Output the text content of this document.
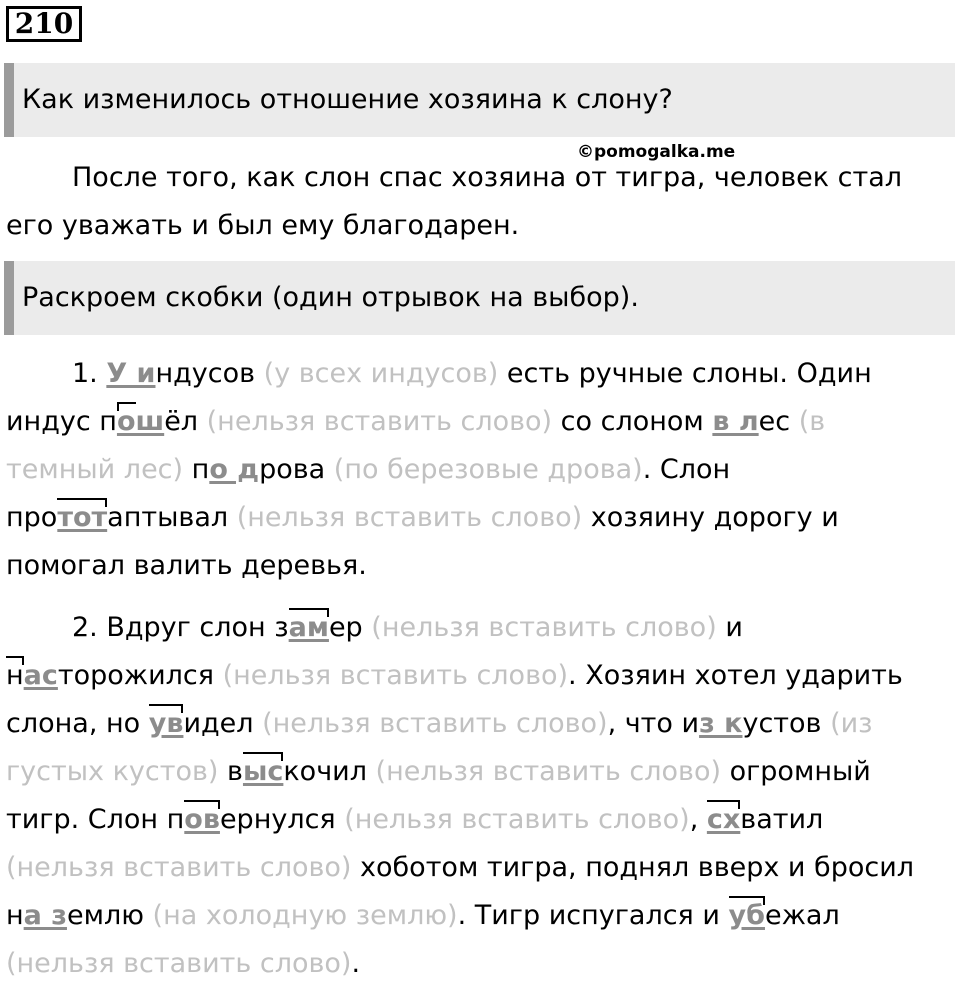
210
Как изменилось отношение хозяина к слону?
©pomogalka.me
После того, как слон спас хозяина от тигра, человек стал
его уважать и был ему благодарен.
Раскроем скобки (один отрывок на выбор).
1. У индусов (у всех индусов) есть ручные слоны. Один
индус пошёл (нельзя вставить слово) со слоном в лес (в
темный лес) по дрова (по березовые дрова). Слон
прототаптывал (нельзя вставить слово) хозяину дорогу и
помогал валить деревья.
2. Вдруг слон замер (нельзя вставить слово) и
насторожился (нельзя вставить слово). Хозяин хотел ударить
слона, но увидел (нельзя вставить слово), что из кустов (из
густых кустов) выскочил (нельзя вставить слово) огромный
тигр. Слон повернулся (нельзя вставить слово), схватил
(нельзя вставить слово) хоботом тигра, поднял вверх и бросил
на землю (на холодную землю). Тигр испугался и убежал
(нельзя вставить слово).
